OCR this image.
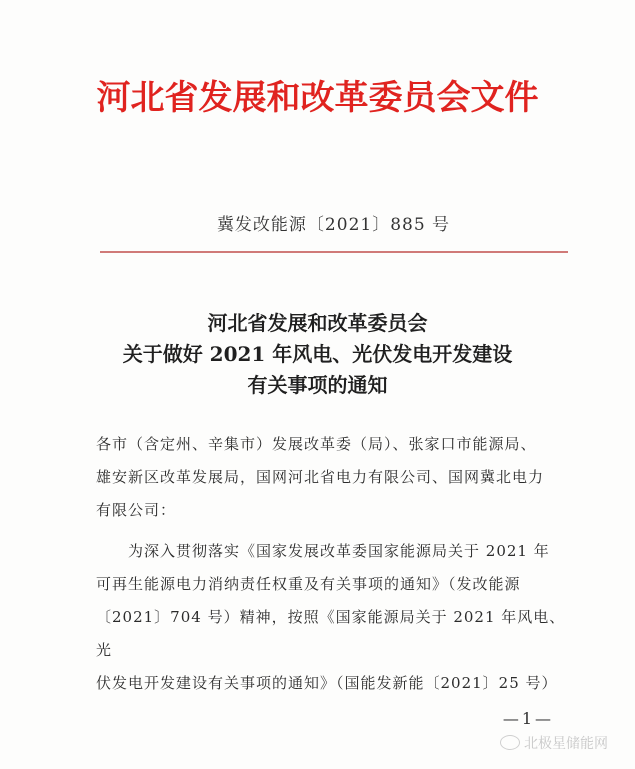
河北省发展和改革委员会文件
冀发改能源〔2021〕885 号
河北省发展和改革委员会
关于做好 2021 年风电、光伏发电开发建设
有关事项的通知
各市（含定州、辛集市）发展改革委（局）、张家口市能源局、
雄安新区改革发展局，国网河北省电力有限公司、国网冀北电力
有限公司：
　　为深入贯彻落实《国家发展改革委国家能源局关于 2021 年
可再生能源电力消纳责任权重及有关事项的通知》（发改能源
〔2021〕704 号）精神，按照《国家能源局关于 2021 年风电、光
伏发电开发建设有关事项的通知》（国能发新能〔2021〕25 号）
—1—
北极星储能网
